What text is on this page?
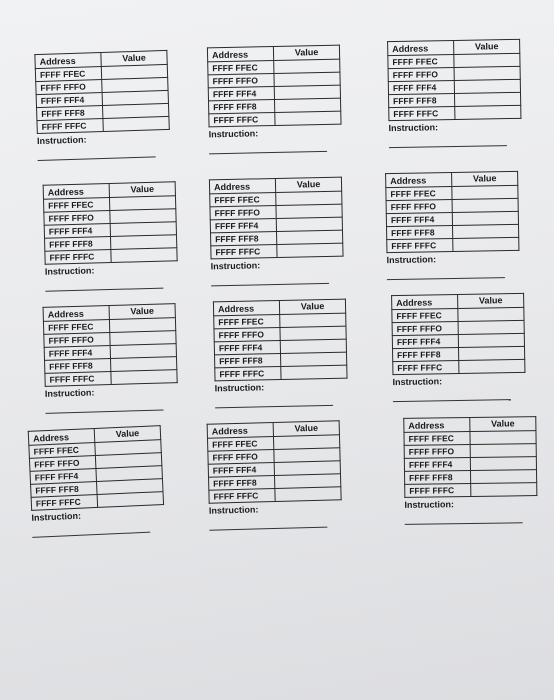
Address	Value
FFFF FFEC	
FFFF FFFO	
FFFF FFF4	
FFFF FFF8	
FFFF FFFC	
Instruction:
Address	Value
FFFF FFEC	
FFFF FFFO	
FFFF FFF4	
FFFF FFF8	
FFFF FFFC	
Instruction:
Address	Value
FFFF FFEC	
FFFF FFFO	
FFFF FFF4	
FFFF FFF8	
FFFF FFFC	
Instruction:
Address	Value
FFFF FFEC	
FFFF FFFO	
FFFF FFF4	
FFFF FFF8	
FFFF FFFC	
Instruction:
Address	Value
FFFF FFEC	
FFFF FFFO	
FFFF FFF4	
FFFF FFF8	
FFFF FFFC	
Instruction:
Address	Value
FFFF FFEC	
FFFF FFFO	
FFFF FFF4	
FFFF FFF8	
FFFF FFFC	
Instruction:
Address	Value
FFFF FFEC	
FFFF FFFO	
FFFF FFF4	
FFFF FFF8	
FFFF FFFC	
Instruction:
Address	Value
FFFF FFEC	
FFFF FFFO	
FFFF FFF4	
FFFF FFF8	
FFFF FFFC	
Instruction:
Address	Value
FFFF FFEC	
FFFF FFFO	
FFFF FFF4	
FFFF FFF8	
FFFF FFFC	
Instruction:
Address	Value
FFFF FFEC	
FFFF FFFO	
FFFF FFF4	
FFFF FFF8	
FFFF FFFC	
Instruction:
Address	Value
FFFF FFEC	
FFFF FFFO	
FFFF FFF4	
FFFF FFF8	
FFFF FFFC	
Instruction:
Address	Value
FFFF FFEC	
FFFF FFFO	
FFFF FFF4	
FFFF FFF8	
FFFF FFFC	
Instruction:
